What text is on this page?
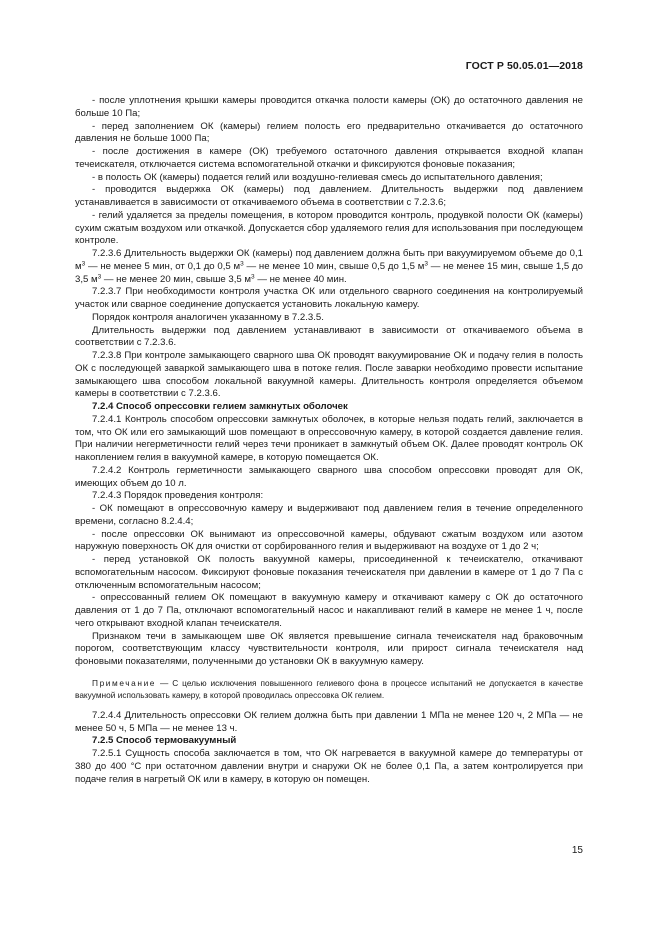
ГОСТ Р 50.05.01—2018

- после уплотнения крышки камеры проводится откачка полости камеры (ОК) до остаточного давления не больше 10 Па;

- перед заполнением ОК (камеры) гелием полость его предварительно откачивается до остаточного давления не больше 1000 Па;

- после достижения в камере (ОК) требуемого остаточного давления открывается входной клапан течеискателя, отключается система вспомогательной откачки и фиксируются фоновые показания;

- в полость ОК (камеры) подается гелий или воздушно-гелиевая смесь до испытательного давления;

- проводится выдержка ОК (камеры) под давлением. Длительность выдержки под давлением устанавливается в зависимости от откачиваемого объема в соответствии с 7.2.3.6;

- гелий удаляется за пределы помещения, в котором проводится контроль, продувкой полости ОК (камеры) сухим сжатым воздухом или откачкой. Допускается сбор удаляемого гелия для использования при последующем контроле.

7.2.3.6 Длительность выдержки ОК (камеры) под давлением должна быть при вакуумируемом объеме до 0,1 $м^3$ — не менее 5 мин, от 0,1 до 0,5 $м^3$ — не менее 10 мин, свыше 0,5 до 1,5 $м^3$ — не менее 15 мин, свыше 1,5 до 3,5 $м^3$ — не менее 20 мин, свыше 3,5 $м^3$ — не менее 40 мин.

7.2.3.7 При необходимости контроля участка ОК или отдельного сварного соединения на контролируемый участок или сварное соединение допускается установить локальную камеру.

Порядок контроля аналогичен указанному в 7.2.3.5.

Длительность выдержки под давлением устанавливают в зависимости от откачиваемого объема в соответствии с 7.2.3.6.

7.2.3.8 При контроле замыкающего сварного шва ОК проводят вакуумирование ОК и подачу гелия в полость ОК с последующей заваркой замыкающего шва в потоке гелия. После заварки необходимо провести испытание замыкающего шва способом локальной вакуумной камеры. Длительность контроля определяется объемом камеры в соответствии с 7.2.3.6.

7.2.4 Способ опрессовки гелием замкнутых оболочек

7.2.4.1 Контроль способом опрессовки замкнутых оболочек, в которые нельзя подать гелий, заключается в том, что ОК или его замыкающий шов помещают в опрессовочную камеру, в которой создается давление гелия. При наличии негерметичности гелий через течи проникает в замкнутый объем ОК. Далее проводят контроль ОК накоплением гелия в вакуумной камере, в которую помещается ОК.

7.2.4.2 Контроль герметичности замыкающего сварного шва способом опрессовки проводят для ОК, имеющих объем до 10 л.

7.2.4.3 Порядок проведения контроля:

- ОК помещают в опрессовочную камеру и выдерживают под давлением гелия в течение определенного времени, согласно 8.2.4.4;

- после опрессовки ОК вынимают из опрессовочной камеры, обдувают сжатым воздухом или азотом наружную поверхность ОК для очистки от сорбированного гелия и выдерживают на воздухе от 1 до 2 ч;

- перед установкой ОК полость вакуумной камеры, присоединенной к течеискателю, откачивают вспомогательным насосом. Фиксируют фоновые показания течеискателя при давлении в камере от 1 до 7 Па с отключенным вспомогательным насосом;

- опрессованный гелием ОК помещают в вакуумную камеру и откачивают камеру с ОК до остаточного давления от 1 до 7 Па, отключают вспомогательный насос и накапливают гелий в камере не менее 1 ч, после чего открывают входной клапан течеискателя.

Признаком течи в замыкающем шве ОК является превышение сигнала течеискателя над браковочным порогом, соответствующим классу чувствительности контроля, или прирост сигнала течеискателя над фоновыми показателями, полученными до установки ОК в вакуумную камеру.

Примечание — С целью исключения повышенного гелиевого фона в процессе испытаний не допускается в качестве вакуумной использовать камеру, в которой проводилась опрессовка ОК гелием.

7.2.4.4 Длительность опрессовки ОК гелием должна быть при давлении 1 МПа не менее 120 ч, 2 МПа — не менее 50 ч, 5 МПа — не менее 13 ч.

7.2.5 Способ термовакуумный

7.2.5.1 Сущность способа заключается в том, что ОК нагревается в вакуумной камере до температуры от 380 до 400 °С при остаточном давлении внутри и снаружи ОК не более 0,1 Па, а затем контролируется при подаче гелия в нагретый ОК или в камеру, в которую он помещен.

15
